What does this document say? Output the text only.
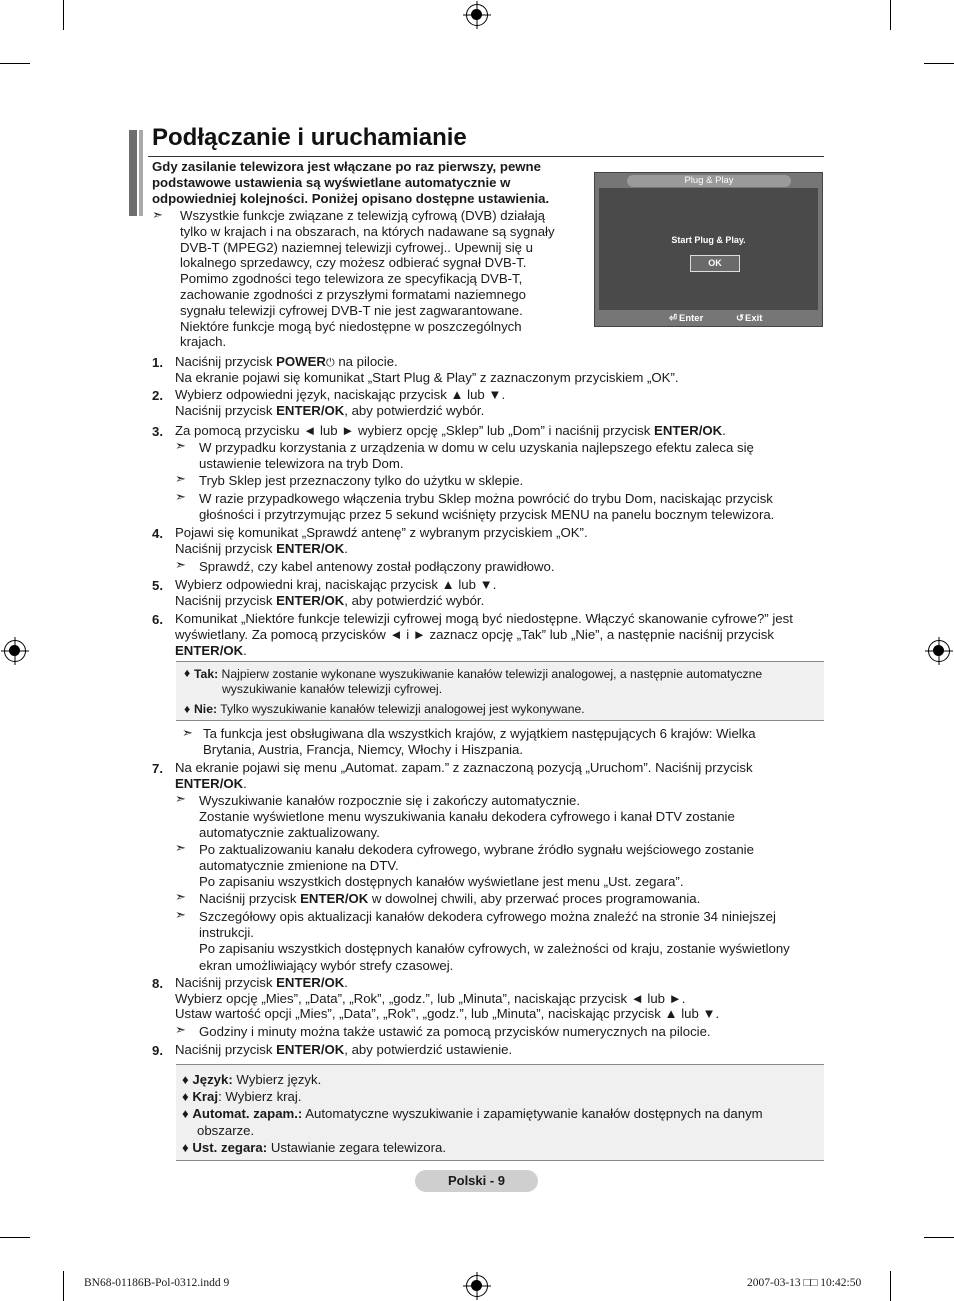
Podłączanie i uruchamianie
Gdy zasilanie telewizora jest włączane po raz pierwszy, pewne
podstawowe ustawienia są wyświetlane automatycznie w
odpowiedniej kolejności. Poniżej opisano dostępne ustawienia.
➣ Wszystkie funkcje związane z telewizją cyfrową (DVB) działają
tylko w krajach i na obszarach, na których nadawane są sygnały
DVB-T (MPEG2) naziemnej telewizji cyfrowej.. Upewnij się u
lokalnego sprzedawcy, czy możesz odbierać sygnał DVB-T.
Pomimo zgodności tego telewizora ze specyfikacją DVB-T,
zachowanie zgodności z przyszłymi formatami naziemnego
sygnału telewizji cyfrowej DVB-T nie jest zagwarantowane.
Niektóre funkcje mogą być niedostępne w poszczególnych
krajach.
Plug & Play
Start Plug & Play.
OK
⏎ Enter	↺ Exit
1. Naciśnij przycisk POWER⏻ na pilocie.
Na ekranie pojawi się komunikat „Start Plug & Play” z zaznaczonym przyciskiem „OK”.
2. Wybierz odpowiedni język, naciskając przycisk ▲ lub ▼.
Naciśnij przycisk ENTER/OK, aby potwierdzić wybór.
3. Za pomocą przycisku ◄ lub ► wybierz opcję „Sklep” lub „Dom” i naciśnij przycisk ENTER/OK.
➣ W przypadku korzystania z urządzenia w domu w celu uzyskania najlepszego efektu zaleca się
ustawienie telewizora na tryb Dom.
➣ Tryb Sklep jest przeznaczony tylko do użytku w sklepie.
➣ W razie przypadkowego włączenia trybu Sklep można powrócić do trybu Dom, naciskając przycisk
głośności i przytrzymując przez 5 sekund wciśnięty przycisk MENU na panelu bocznym telewizora.
4. Pojawi się komunikat „Sprawdź antenę” z wybranym przyciskiem „OK”.
Naciśnij przycisk ENTER/OK.
➣ Sprawdź, czy kabel antenowy został podłączony prawidłowo.
5. Wybierz odpowiedni kraj, naciskając przycisk ▲ lub ▼.
Naciśnij przycisk ENTER/OK, aby potwierdzić wybór.
6. Komunikat „Niektóre funkcje telewizji cyfrowej mogą być niedostępne. Włączyć skanowanie cyfrowe?” jest
wyświetlany. Za pomocą przycisków ◄ i ► zaznacz opcję „Tak” lub „Nie”, a następnie naciśnij przycisk
ENTER/OK.
♦ Tak: Najpierw zostanie wykonane wyszukiwanie kanałów telewizji analogowej, a następnie automatyczne
wyszukiwanie kanałów telewizji cyfrowej.
♦ Nie: Tylko wyszukiwanie kanałów telewizji analogowej jest wykonywane.
➣ Ta funkcja jest obsługiwana dla wszystkich krajów, z wyjątkiem następujących 6 krajów: Wielka
Brytania, Austria, Francja, Niemcy, Włochy i Hiszpania.
7. Na ekranie pojawi się menu „Automat. zapam.” z zaznaczoną pozycją „Uruchom”. Naciśnij przycisk
ENTER/OK.
➣ Wyszukiwanie kanałów rozpocznie się i zakończy automatycznie.
Zostanie wyświetlone menu wyszukiwania kanału dekodera cyfrowego i kanał DTV zostanie
automatycznie zaktualizowany.
➣ Po zaktualizowaniu kanału dekodera cyfrowego, wybrane źródło sygnału wejściowego zostanie
automatycznie zmienione na DTV.
Po zapisaniu wszystkich dostępnych kanałów wyświetlane jest menu „Ust. zegara”.
➣ Naciśnij przycisk ENTER/OK w dowolnej chwili, aby przerwać proces programowania.
➣ Szczegółowy opis aktualizacji kanałów dekodera cyfrowego można znaleźć na stronie 34 niniejszej
instrukcji.
Po zapisaniu wszystkich dostępnych kanałów cyfrowych, w zależności od kraju, zostanie wyświetlony
ekran umożliwiający wybór strefy czasowej.
8. Naciśnij przycisk ENTER/OK.
Wybierz opcję „Mies”, „Data”, „Rok”, „godz.”, lub „Minuta”, naciskając przycisk ◄ lub ►.
Ustaw wartość opcji „Mies”, „Data”, „Rok”, „godz.”, lub „Minuta”, naciskając przycisk ▲ lub ▼.
➣ Godziny i minuty można także ustawić za pomocą przycisków numerycznych na pilocie.
9. Naciśnij przycisk ENTER/OK, aby potwierdzić ustawienie.
♦ Język: Wybierz język.
♦ Kraj: Wybierz kraj.
♦ Automat. zapam.: Automatyczne wyszukiwanie i zapamiętywanie kanałów dostępnych na danym
obszarze.
♦ Ust. zegara: Ustawianie zegara telewizora.
Polski - 9
BN68-01186B-Pol-0312.indd 9	2007-03-13 □□ 10:42:50
